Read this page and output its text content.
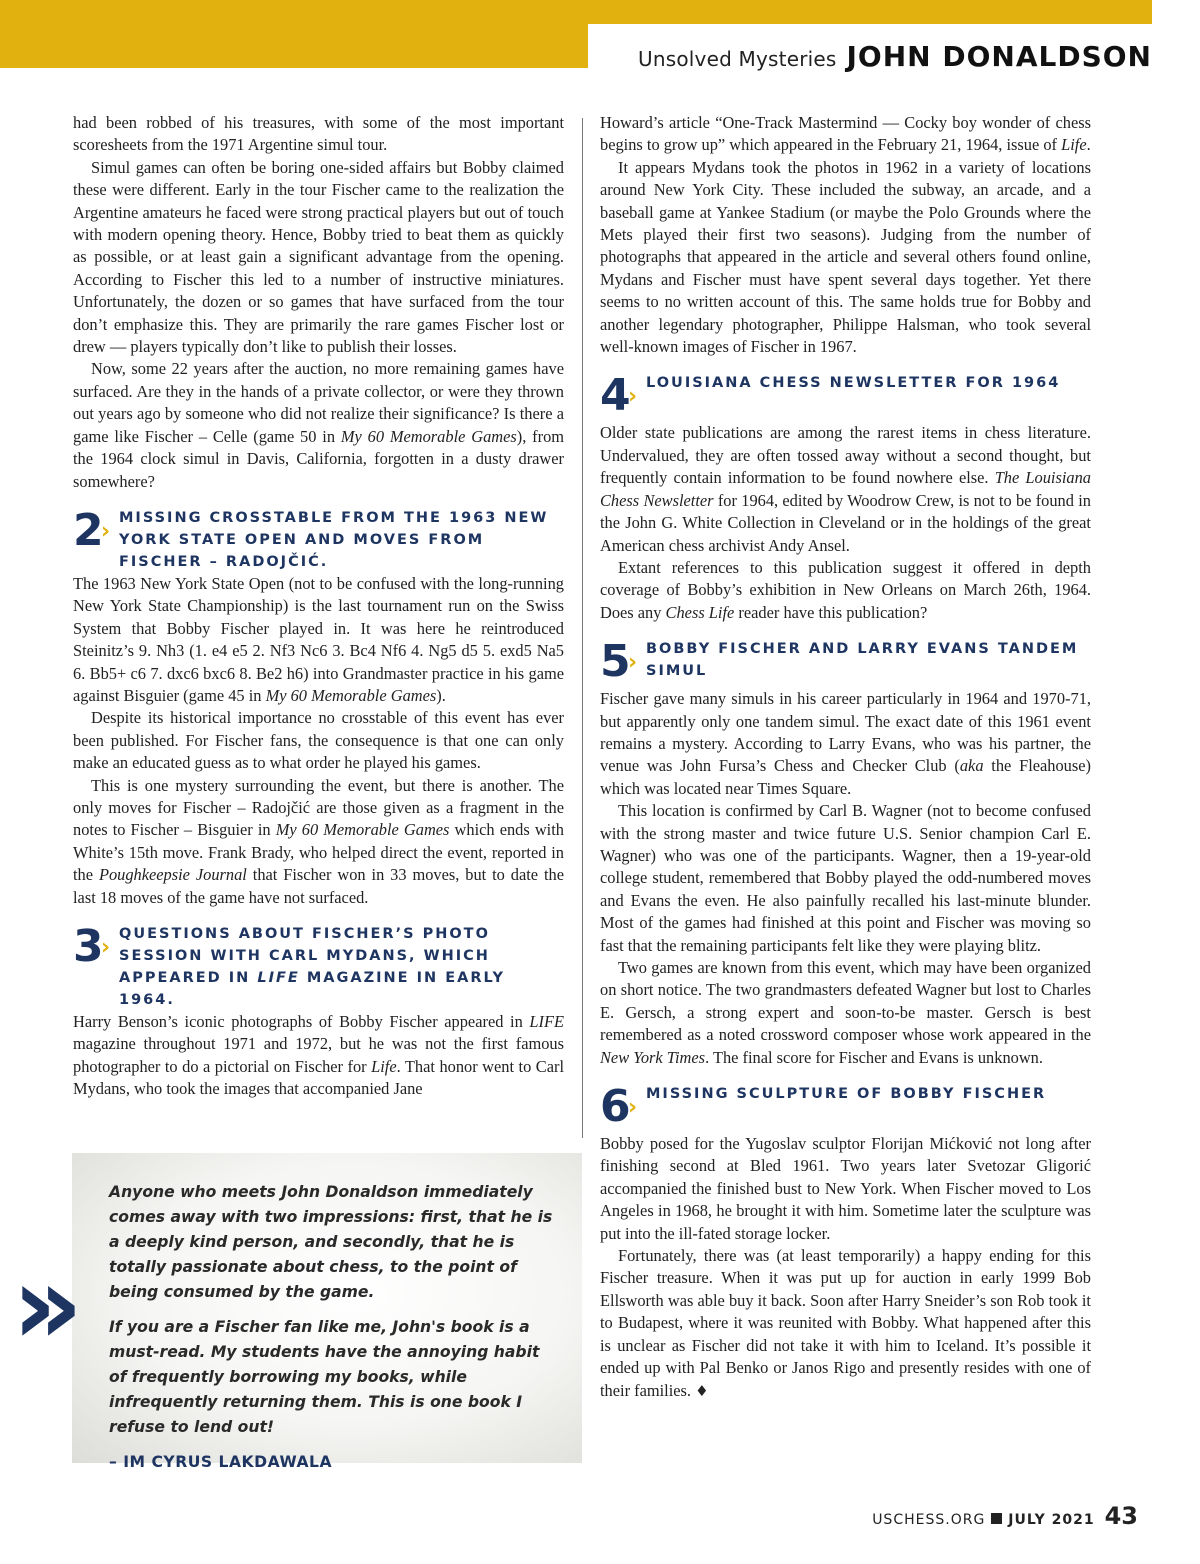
Unsolved Mysteries JOHN DONALDSON

had been robbed of his treasures, with some of the most important scoresheets from the 1971 Argentine simul tour.

Simul games can often be boring one-sided affairs but Bobby claimed these were different. Early in the tour Fischer came to the realization the Argentine amateurs he faced were strong practical players but out of touch with modern opening theory. Hence, Bobby tried to beat them as quickly as possible, or at least gain a significant advantage from the opening. According to Fischer this led to a number of instructive miniatures. Unfortunately, the dozen or so games that have surfaced from the tour don’t emphasize this. They are primarily the rare games Fischer lost or drew — players typically don’t like to publish their losses.

Now, some 22 years after the auction, no more remaining games have surfaced. Are they in the hands of a private collector, or were they thrown out years ago by someone who did not realize their significance? Is there a game like Fischer – Celle (game 50 in My 60 Memorable Games), from the 1964 clock simul in Davis, California, forgotten in a dusty drawer somewhere?

2
›
MISSING CROSSTABLE FROM THE 1963 NEW YORK STATE OPEN AND MOVES FROM FISCHER – RADOJČIĆ.

The 1963 New York State Open (not to be confused with the long-running New York State Championship) is the last tournament run on the Swiss System that Bobby Fischer played in. It was here he reintroduced Steinitz’s 9. Nh3 (1. e4 e5 2. Nf3 Nc6 3. Bc4 Nf6 4. Ng5 d5 5. exd5 Na5 6. Bb5+ c6 7. dxc6 bxc6 8. Be2 h6) into Grandmaster practice in his game against Bisguier (game 45 in My 60 Memorable Games).

Despite its historical importance no crosstable of this event has ever been published. For Fischer fans, the consequence is that one can only make an educated guess as to what order he played his games.

This is one mystery surrounding the event, but there is another. The only moves for Fischer – Radojčić are those given as a fragment in the notes to Fischer – Bisguier in My 60 Memorable Games which ends with White’s 15th move. Frank Brady, who helped direct the event, reported in the Poughkeepsie Journal that Fischer won in 33 moves, but to date the last 18 moves of the game have not surfaced.

3
›
QUESTIONS ABOUT FISCHER’S PHOTO SESSION WITH CARL MYDANS, WHICH APPEARED IN LIFE MAGAZINE IN EARLY 1964.

Harry Benson’s iconic photographs of Bobby Fischer appeared in LIFE magazine throughout 1971 and 1972, but he was not the first famous photographer to do a pictorial on Fischer for Life. That honor went to Carl Mydans, who took the images that accompanied Jane

Howard’s article “One-Track Mastermind — Cocky boy wonder of chess begins to grow up” which appeared in the February 21, 1964, issue of Life.

It appears Mydans took the photos in 1962 in a variety of locations around New York City. These included the subway, an arcade, and a baseball game at Yankee Stadium (or maybe the Polo Grounds where the Mets played their first two seasons). Judging from the number of photographs that appeared in the article and several others found online, Mydans and Fischer must have spent several days together. Yet there seems to no written account of this. The same holds true for Bobby and another legendary photographer, Philippe Halsman, who took several well-known images of Fischer in 1967.

4
›
LOUISIANA CHESS NEWSLETTER FOR 1964

Older state publications are among the rarest items in chess literature. Undervalued, they are often tossed away without a second thought, but frequently contain information to be found nowhere else. The Louisiana Chess Newsletter for 1964, edited by Woodrow Crew, is not to be found in the John G. White Collection in Cleveland or in the holdings of the great American chess archivist Andy Ansel.

Extant references to this publication suggest it offered in depth coverage of Bobby’s exhibition in New Orleans on March 26th, 1964. Does any Chess Life reader have this publication?

5
›
BOBBY FISCHER AND LARRY EVANS TANDEM SIMUL

Fischer gave many simuls in his career particularly in 1964 and 1970-71, but apparently only one tandem simul. The exact date of this 1961 event remains a mystery. According to Larry Evans, who was his partner, the venue was John Fursa’s Chess and Checker Club (aka the Fleahouse) which was located near Times Square.

This location is confirmed by Carl B. Wagner (not to become confused with the strong master and twice future U.S. Senior champion Carl E. Wagner) who was one of the participants. Wagner, then a 19-year-old college student, remembered that Bobby played the odd-numbered moves and Evans the even. He also painfully recalled his last-minute blunder. Most of the games had finished at this point and Fischer was moving so fast that the remaining participants felt like they were playing blitz.

Two games are known from this event, which may have been organized on short notice. The two grandmasters defeated Wagner but lost to Charles E. Gersch, a strong expert and soon-to-be master. Gersch is best remembered as a noted crossword composer whose work appeared in the New York Times. The final score for Fischer and Evans is unknown.

6
›
MISSING SCULPTURE OF BOBBY FISCHER

Bobby posed for the Yugoslav sculptor Florijan Mićković not long after finishing second at Bled 1961. Two years later Svetozar Gligorić accompanied the finished bust to New York. When Fischer moved to Los Angeles in 1968, he brought it with him. Sometime later the sculpture was put into the ill-fated storage locker.

Fortunately, there was (at least temporarily) a happy ending for this Fischer treasure. When it was put up for auction in early 1999 Bob Ellsworth was able buy it back. Soon after Harry Sneider’s son Rob took it to Budapest, where it was reunited with Bobby. What happened after this is unclear as Fischer did not take it with him to Iceland. It’s possible it ended up with Pal Benko or Janos Rigo and presently resides with one of their families. ♦

»

Anyone who meets John Donaldson immediately comes away with two impressions: first, that he is a deeply kind person, and secondly, that he is totally passionate about chess, to the point of being consumed by the game.

If you are a Fischer fan like me, John's book is a must-read. My students have the annoying habit of frequently borrowing my books, while infrequently returning them. This is one book I refuse to lend out!

– IM CYRUS LAKDAWALA

USCHESS.ORG JULY 2021 43
